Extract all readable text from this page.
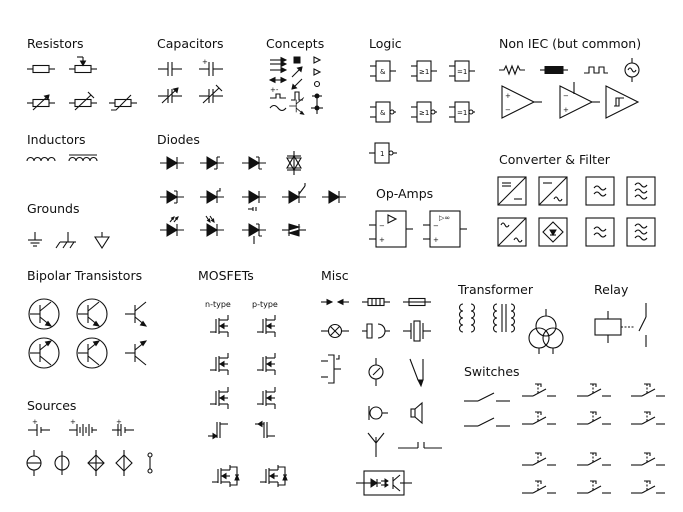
Resistors	Capacitors	Concepts	Logic	Non IEC (but common)
Inductors	Diodes
Converter & Filter
Op-Amps
Grounds
Bipolar Transistors	MOSFETs	Misc
Transformer	Relay
Switches
Sources
+
+-
&	≥1	=1
&	≥1	=1
1
+
−
−
+
−
+
▷∞
−
+
n-type	p-type
+	+	+
